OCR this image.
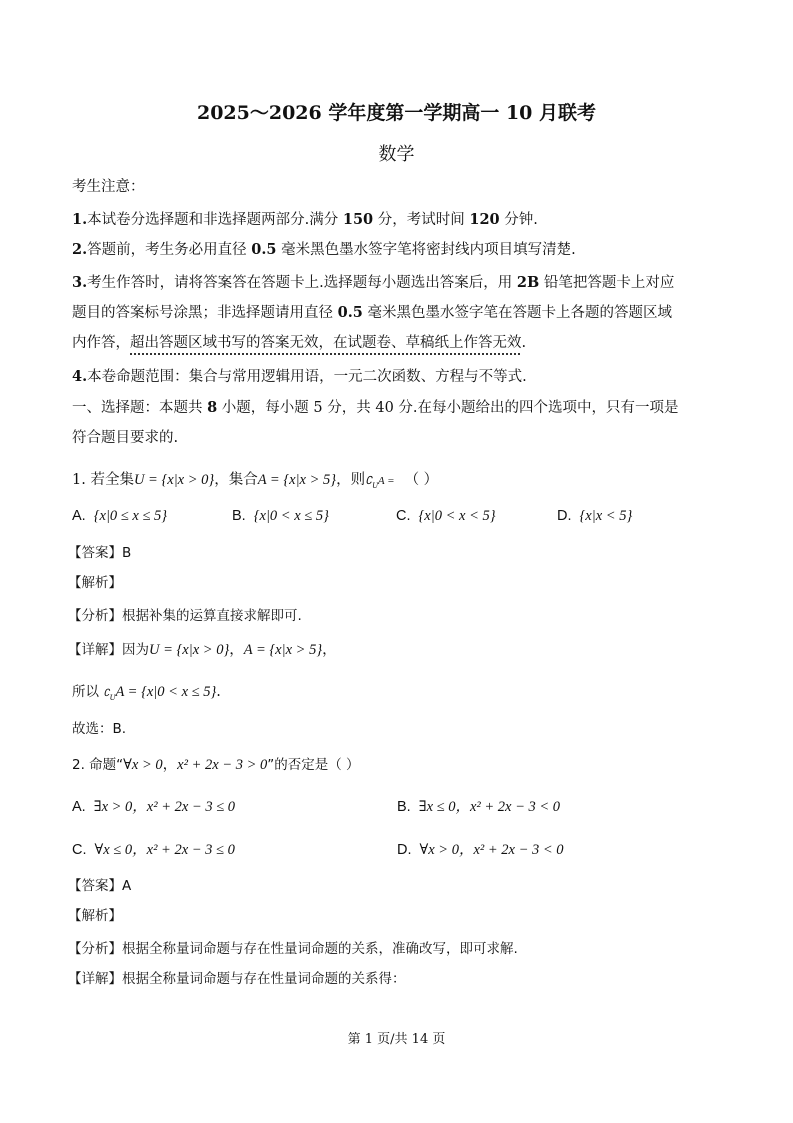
2025～2026 学年度第一学期高一 10 月联考
数学
考生注意：
1.本试卷分选择题和非选择题两部分.满分 150 分，考试时间 120 分钟.
2.答题前，考生务必用直径 0.5 毫米黑色墨水签字笔将密封线内项目填写清楚.
3.考生作答时，请将答案答在答题卡上.选择题每小题选出答案后，用 2B 铅笔把答题卡上对应
题目的答案标号涂黑；非选择题请用直径 0.5 毫米黑色墨水签字笔在答题卡上各题的答题区域
内作答，超出答题区域书写的答案无效，在试题卷、草稿纸上作答无效.
4.本卷命题范围：集合与常用逻辑用语，一元二次函数、方程与不等式.
一、选择题：本题共 8 小题，每小题 5 分，共 40 分.在每小题给出的四个选项中，只有一项是
符合题目要求的.
1. 若全集U = {x|x > 0}，集合A = {x|x > 5}，则$∁_UA$ = （ ）
A. {x|0 ≤ x ≤ 5}	B. {x|0 < x ≤ 5}	C. {x|0 < x < 5}	D. {x|x < 5}
【答案】B
【解析】
【分析】根据补集的运算直接求解即可.
【详解】因为U = {x|x > 0}，A = {x|x > 5}，
所以 $∁_UA = \{x|0 < x \le 5\}$.
故选：B.
2. 命题“∀x > 0，x² + 2x − 3 > 0”的否定是（ ）
A. ∃x > 0，x² + 2x − 3 ≤ 0	B. ∃x ≤ 0，x² + 2x − 3 < 0
C. ∀x ≤ 0，x² + 2x − 3 ≤ 0	D. ∀x > 0，x² + 2x − 3 < 0
【答案】A
【解析】
【分析】根据全称量词命题与存在性量词命题的关系，准确改写，即可求解.
【详解】根据全称量词命题与存在性量词命题的关系得：
第 1 页/共 14 页
